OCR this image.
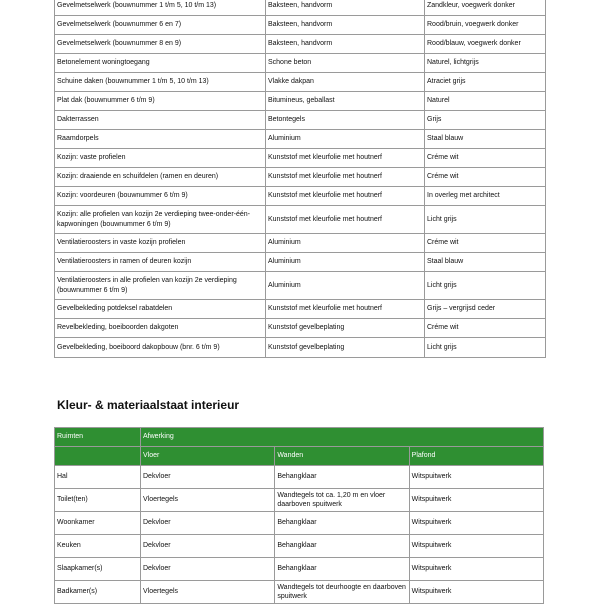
Gevelmetselwerk (bouwnummer 1 t/m 5, 10 t/m 13)	Baksteen, handvorm	Zandkleur, voegwerk donker
Gevelmetselwerk (bouwnummer 6 en 7)	Baksteen, handvorm	Rood/bruin, voegwerk donker
Gevelmetselwerk (bouwnummer 8 en 9)	Baksteen, handvorm	Rood/blauw, voegwerk donker
Betonelement woningtoegang	Schone beton	Naturel, lichtgrijs
Schuine daken (bouwnummer 1 t/m 5, 10 t/m 13)	Vlakke dakpan	Atraciet grijs
Plat dak (bouwnummer 6 t/m 9)	Bitumineus, geballast	Naturel
Dakterrassen	Betontegels	Grijs
Raamdorpels	Aluminium	Staal blauw
Kozijn: vaste profielen	Kunststof met kleurfolie met houtnerf	Créme wit
Kozijn: draaiende en schuifdelen (ramen en deuren)	Kunststof met kleurfolie met houtnerf	Créme wit
Kozijn: voordeuren (bouwnummer 6 t/m 9)	Kunststof met kleurfolie met houtnerf	In overleg met architect
Kozijn: alle profielen van kozijn 2e verdieping twee-onder-één-kapwoningen (bouwnummer 6 t/m 9)	Kunststof met kleurfolie met houtnerf	Licht grijs
Ventilatieroosters in vaste kozijn profielen	Aluminium	Créme wit
Ventilatieroosters in ramen of deuren kozijn	Aluminium	Staal blauw
Ventilatieroosters in alle profielen van kozijn 2e verdieping (bouwnummer 6 t/m 9)	Aluminium	Licht grijs
Gevelbekleding potdeksel rabatdelen	Kunststof met kleurfolie met houtnerf	Grijs – vergrijsd ceder
Revelbekleding, boeiboorden dakgoten	Kunststof gevelbeplating	Créme wit
Gevelbekleding, boeiboord dakopbouw (bnr. 6 t/m 9)	Kunststof gevelbeplating	Licht grijs
Kleur- & materiaalstaat interieur
Ruimten	Afwerking		
	Vloer	Wanden	Plafond
Hal	Dekvloer	Behangklaar	Witspuitwerk
Toilet(ten)	Vloertegels	Wandtegels tot ca. 1,20 m en vloer daarboven spuitwerk	Witspuitwerk
Woonkamer	Dekvloer	Behangklaar	Witspuitwerk
Keuken	Dekvloer	Behangklaar	Witspuitwerk
Slaapkamer(s)	Dekvloer	Behangklaar	Witspuitwerk
Badkamer(s)	Vloertegels	Wandtegels tot deurhoogte en daarboven spuitwerk	Witspuitwerk
